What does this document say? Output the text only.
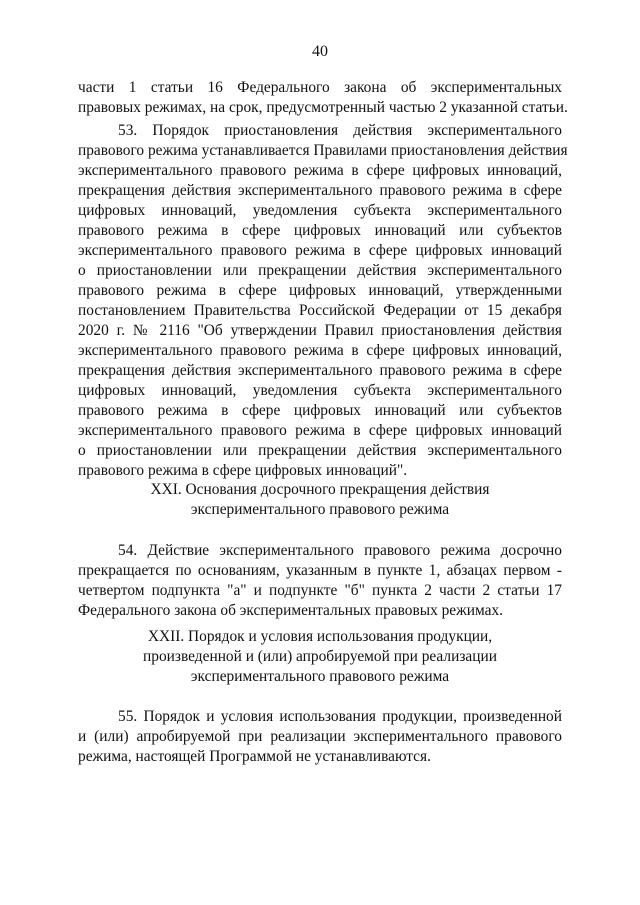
40
части 1 статьи 16 Федерального закона об экспериментальных
правовых режимах, на срок, предусмотренный частью 2 указанной статьи.
53. Порядок приостановления действия экспериментального
правового режима устанавливается Правилами приостановления действия
экспериментального правового режима в сфере цифровых инноваций,
прекращения действия экспериментального правового режима в сфере
цифровых инноваций, уведомления субъекта экспериментального
правового режима в сфере цифровых инноваций или субъектов
экспериментального правового режима в сфере цифровых инноваций
о приостановлении или прекращении действия экспериментального
правового режима в сфере цифровых инноваций, утвержденными
постановлением Правительства Российской Федерации от 15 декабря
2020 г. № 2116 "Об утверждении Правил приостановления действия
экспериментального правового режима в сфере цифровых инноваций,
прекращения действия экспериментального правового режима в сфере
цифровых инноваций, уведомления субъекта экспериментального
правового режима в сфере цифровых инноваций или субъектов
экспериментального правового режима в сфере цифровых инноваций
о приостановлении или прекращении действия экспериментального
правового режима в сфере цифровых инноваций".
XXI. Основания досрочного прекращения действия
экспериментального правового режима
54. Действие экспериментального правового режима досрочно
прекращается по основаниям, указанным в пункте 1, абзацах первом -
четвертом подпункта "а" и подпункте "б" пункта 2 части 2 статьи 17
Федерального закона об экспериментальных правовых режимах.
XXII. Порядок и условия использования продукции,
произведенной и (или) апробируемой при реализации
экспериментального правового режима
55. Порядок и условия использования продукции, произведенной
и (или) апробируемой при реализации экспериментального правового
режима, настоящей Программой не устанавливаются.
